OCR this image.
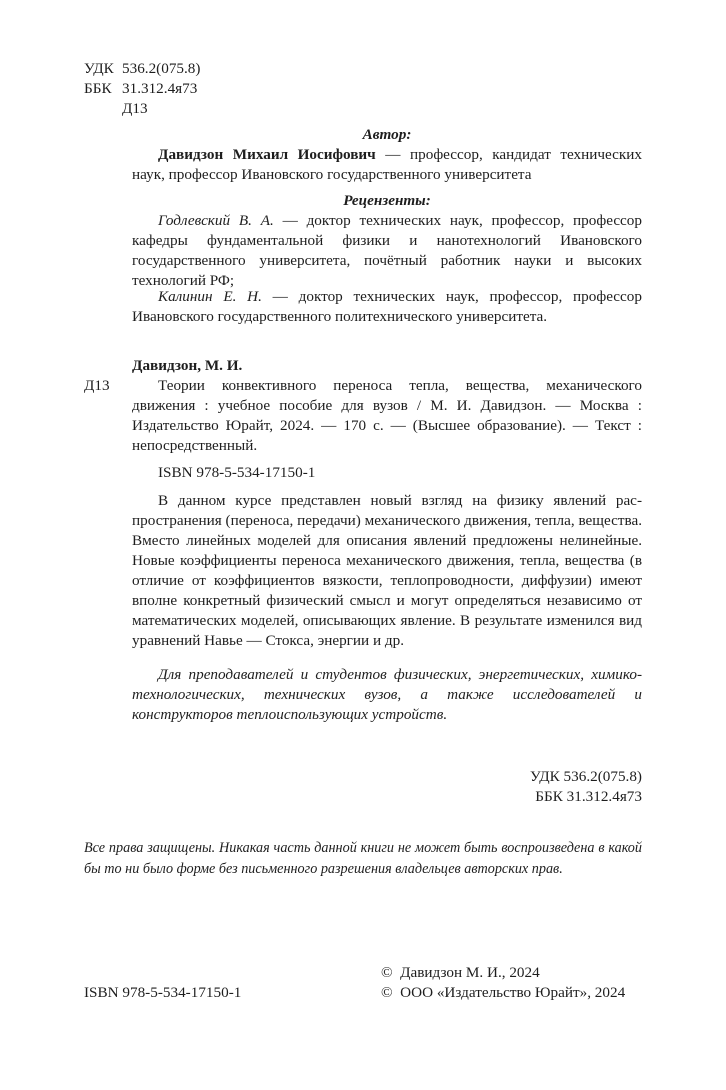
УДК 536.2(075.8)
ББК 31.312.4я73
Д13
Автор:
Давидзон Михаил Иосифович — профессор, кандидат технических наук, профессор Ивановского государственного университета
Рецензенты:
Годлевский В. А. — доктор технических наук, профессор, профессор кафедры фундаментальной физики и нанотехнологий Ивановского государственного университета, почётный работник науки и высоких технологий РФ;
Калинин Е. Н. — доктор технических наук, профессор, профессор Ивановского государственного политехнического университета.
Давидзон, М. И.
Д13	Теории конвективного переноса тепла, вещества, механического движения : учебное пособие для вузов / М. И. Давидзон. — Москва : Издательство Юрайт, 2024. — 170 с. — (Высшее образование). — Текст : непосредственный.
ISBN 978-5-534-17150-1
В данном курсе представлен новый взгляд на физику явлений распространения (переноса, передачи) механического движения, тепла, вещества. Вместо линейных моделей для описания явлений предложены нелинейные. Новые коэффициенты переноса механического движения, тепла, вещества (в отличие от коэффициентов вязкости, теплопроводности, диффузии) имеют вполне конкретный физический смысл и могут определяться независимо от математических моделей, описывающих явление. В результате изменился вид уравнений Навье — Стокса, энергии и др.
Для преподавателей и студентов физических, энергетических, химико-технологических, технических вузов, а также исследователей и конструкторов теплоиспользующих устройств.
УДК 536.2(075.8)
ББК 31.312.4я73
Все права защищены. Никакая часть данной книги не может быть воспроизведена в какой бы то ни было форме без письменного разрешения владельцев авторских прав.
ISBN 978-5-534-17150-1
©  Давидзон М. И., 2024
©  ООО «Издательство Юрайт», 2024
